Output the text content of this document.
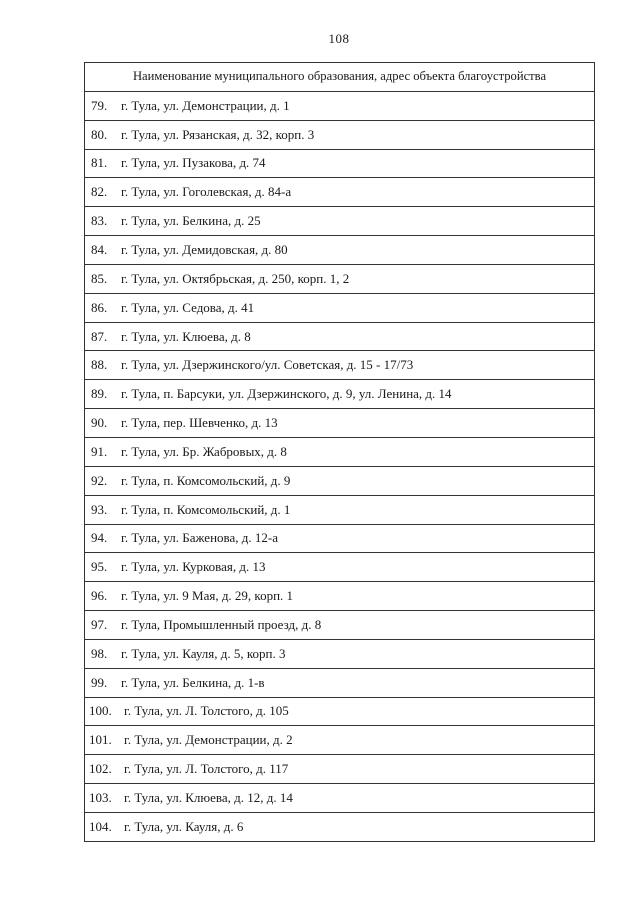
108
Наименование муниципального образования, адрес объекта благоустройства
79.	г. Тула, ул. Демонстрации, д. 1
80.	г. Тула, ул. Рязанская, д. 32, корп. 3
81.	г. Тула, ул. Пузакова, д. 74
82.	г. Тула, ул. Гоголевская, д. 84-а
83.	г. Тула, ул. Белкина, д. 25
84.	г. Тула, ул. Демидовская, д. 80
85.	г. Тула, ул. Октябрьская, д. 250, корп. 1, 2
86.	г. Тула, ул. Седова, д. 41
87.	г. Тула, ул. Клюева, д. 8
88.	г. Тула, ул. Дзержинского/ул. Советская, д. 15 - 17/73
89.	г. Тула, п. Барсуки, ул. Дзержинского, д. 9, ул. Ленина, д. 14
90.	г. Тула, пер. Шевченко, д. 13
91.	г. Тула, ул. Бр. Жабровых, д. 8
92.	г. Тула, п. Комсомольский, д. 9
93.	г. Тула, п. Комсомольский, д. 1
94.	г. Тула, ул. Баженова, д. 12-а
95.	г. Тула, ул. Курковая, д. 13
96.	г. Тула, ул. 9 Мая, д. 29, корп. 1
97.	г. Тула, Промышленный проезд, д. 8
98.	г. Тула, ул. Кауля, д. 5, корп. 3
99.	г. Тула, ул. Белкина, д. 1-в
100. г. Тула, ул. Л. Толстого, д. 105
101. г. Тула, ул. Демонстрации, д. 2
102. г. Тула, ул. Л. Толстого, д. 117
103. г. Тула, ул. Клюева, д. 12, д. 14
104. г. Тула, ул. Кауля, д. 6
